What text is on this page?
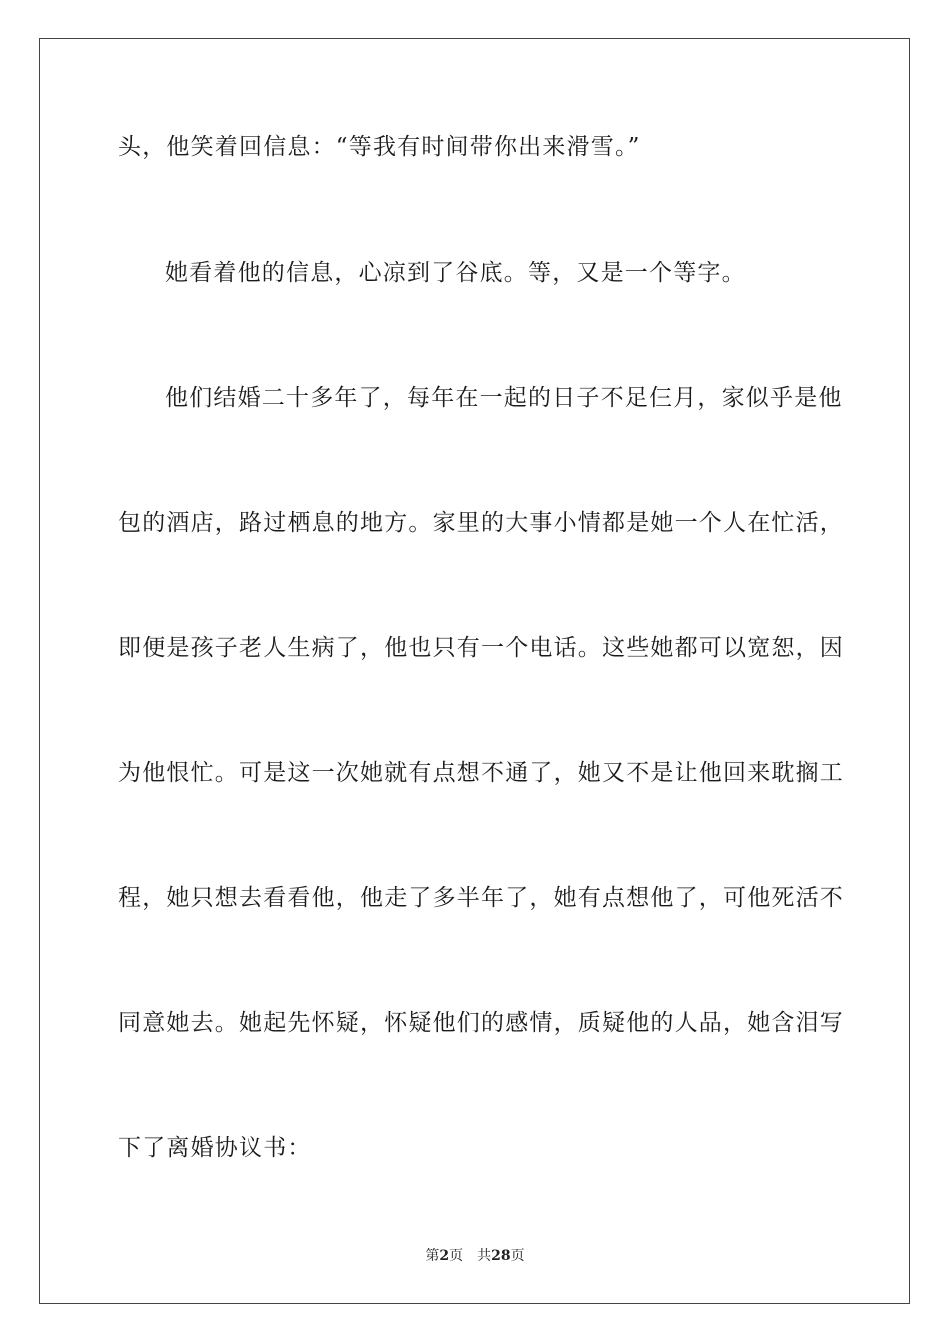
头，他笑着回信息：“等我有时间带你出来滑雪。”
她看着他的信息，心凉到了谷底。等，又是一个等字。
他们结婚二十多年了，每年在一起的日子不足仨月，家似乎是他
包的酒店，路过栖息的地方。家里的大事小情都是她一个人在忙活，
即便是孩子老人生病了，他也只有一个电话。这些她都可以宽恕，因
为他恨忙。可是这一次她就有点想不通了，她又不是让他回来耽搁工
程，她只想去看看他，他走了多半年了，她有点想他了，可他死活不
同意她去。她起先怀疑，怀疑他们的感情，质疑他的人品，她含泪写
下了离婚协议书：
第2页 共28页
